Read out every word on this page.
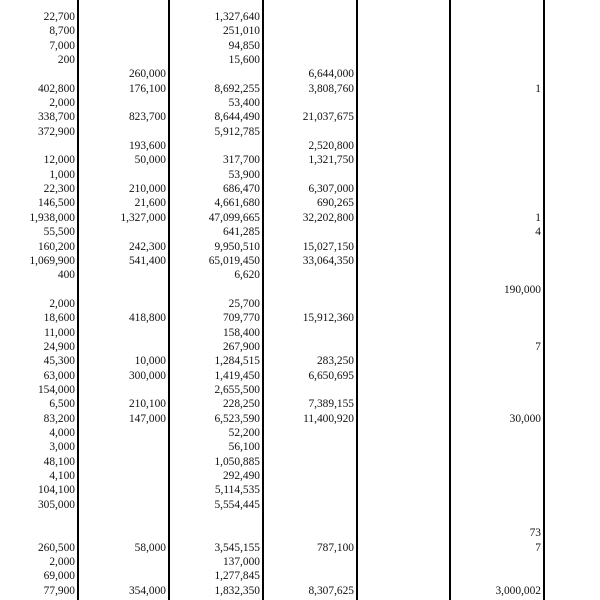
22,700
8,700
7,000
200
402,800
2,000
338,700
372,900
12,000
1,000
22,300
146,500
1,938,000
55,500
160,200
1,069,900
400
2,000
18,600
11,000
24,900
45,300
63,000
154,000
6,500
83,200
4,000
3,000
48,100
4,100
104,100
305,000
260,500
2,000
69,000
77,900
260,000
176,100
823,700
193,600
50,000
210,000
21,600
1,327,000
242,300
541,400
418,800
10,000
300,000
210,100
147,000
58,000
354,000
1,327,640
251,010
94,850
15,600
8,692,255
53,400
8,644,490
5,912,785
317,700
53,900
686,470
4,661,680
47,099,665
641,285
9,950,510
65,019,450
6,620
25,700
709,770
158,400
267,900
1,284,515
1,419,450
2,655,500
228,250
6,523,590
52,200
56,100
1,050,885
292,490
5,114,535
5,554,445
3,545,155
137,000
1,277,845
1,832,350
6,644,000
3,808,760
21,037,675
2,520,800
1,321,750
6,307,000
690,265
32,202,800
15,027,150
33,064,350
15,912,360
283,250
6,650,695
7,389,155
11,400,920
787,100
8,307,625
1
1
4
190,000
7
30,000
73
7
3,000,002
